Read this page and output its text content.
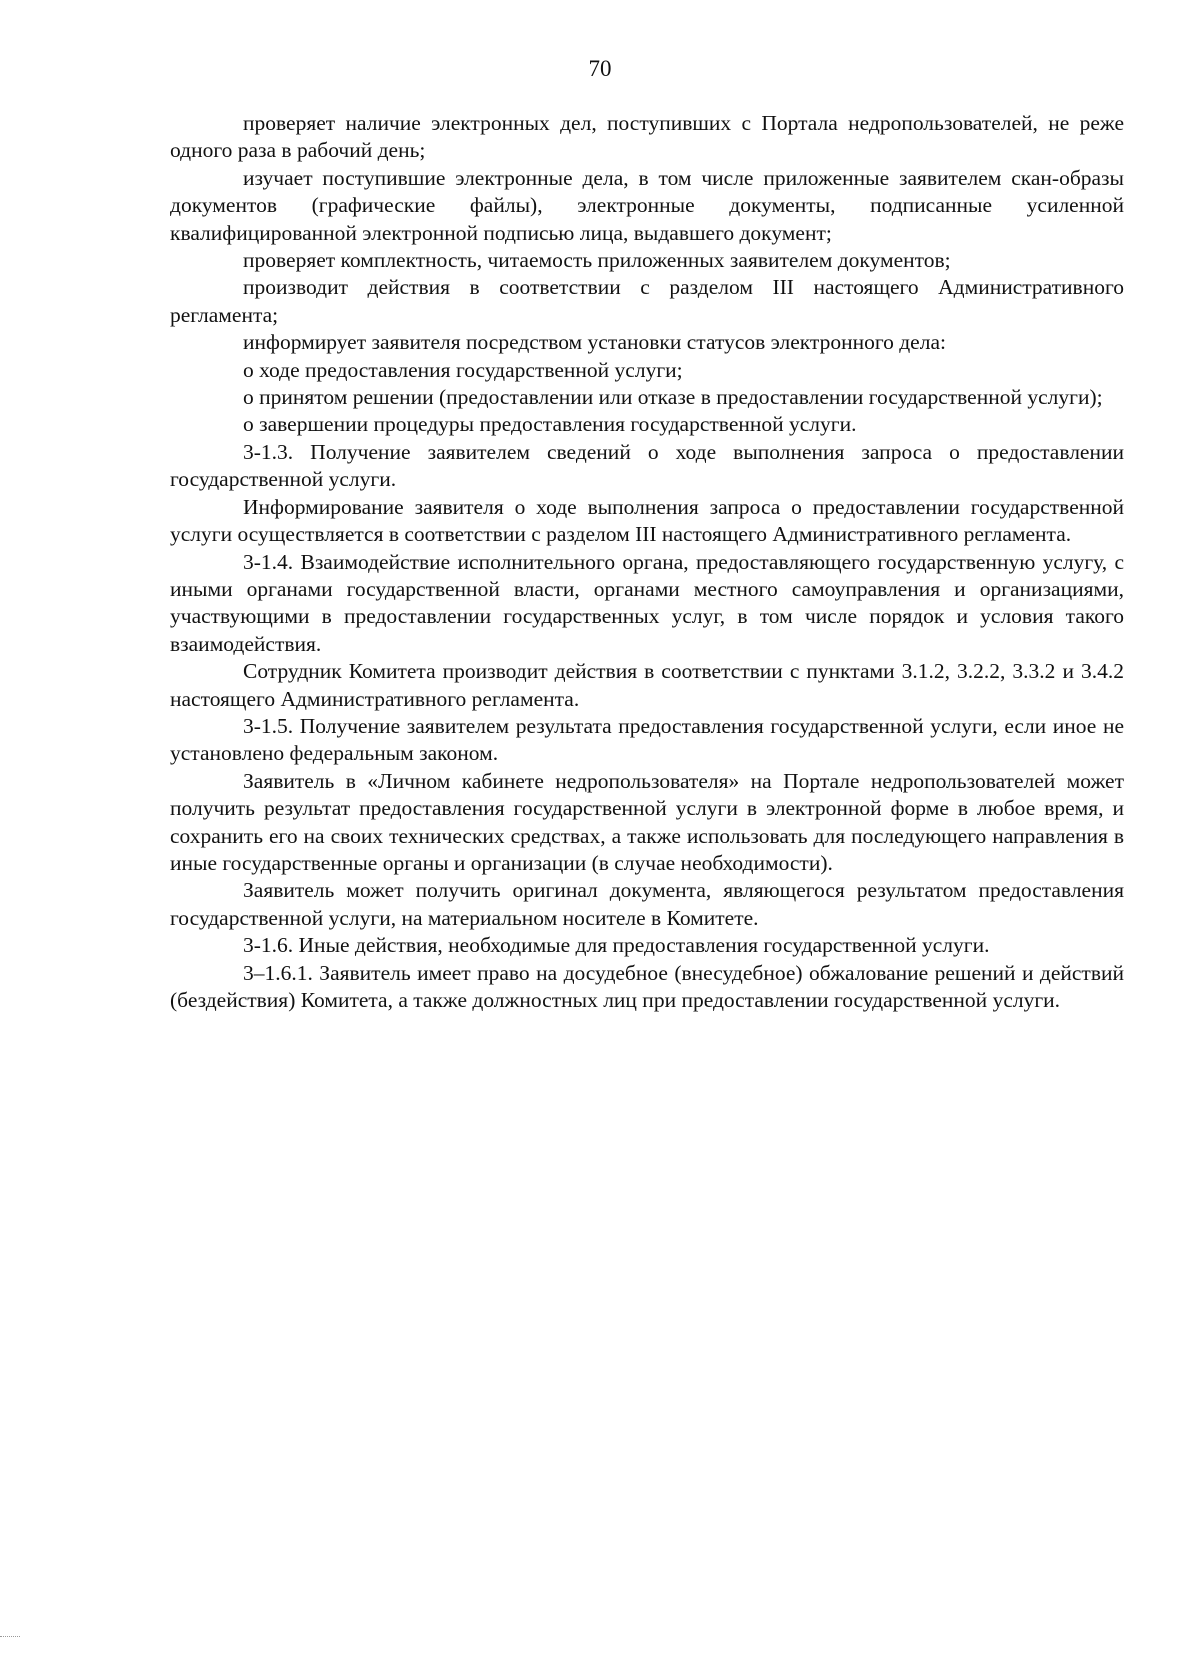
70

проверяет наличие электронных дел, поступивших с Портала недропользователей, не реже одного раза в рабочий день;

изучает поступившие электронные дела, в том числе приложенные заявителем скан-образы документов (графические файлы), электронные документы, подписанные усиленной квалифицированной электронной подписью лица, выдавшего документ;

проверяет комплектность, читаемость приложенных заявителем документов;

производит действия в соответствии с разделом III настоящего Административного регламента;

информирует заявителя посредством установки статусов электронного дела:

о ходе предоставления государственной услуги;

о принятом решении (предоставлении или отказе в предоставлении государственной услуги);

о завершении процедуры предоставления государственной услуги.

3-1.3. Получение заявителем сведений о ходе выполнения запроса о предоставлении государственной услуги.

Информирование заявителя о ходе выполнения запроса о предоставлении государственной услуги осуществляется в соответствии с разделом III настоящего Административного регламента.

3-1.4. Взаимодействие исполнительного органа, предоставляющего государственную услугу, с иными органами государственной власти, органами местного самоуправления и организациями, участвующими в предоставлении государственных услуг, в том числе порядок и условия такого взаимодействия.

Сотрудник Комитета производит действия в соответствии с пунктами 3.1.2, 3.2.2, 3.3.2 и 3.4.2 настоящего Административного регламента.

3-1.5. Получение заявителем результата предоставления государственной услуги, если иное не установлено федеральным законом.

Заявитель в «Личном кабинете недропользователя» на Портале недропользователей может получить результат предоставления государственной услуги в электронной форме в любое время, и сохранить его на своих технических средствах, а также использовать для последующего направления в иные государственные органы и организации (в случае необходимости).

Заявитель может получить оригинал документа, являющегося результатом предоставления государственной услуги, на материальном носителе в Комитете.

3-1.6. Иные действия, необходимые для предоставления государственной услуги.

3–1.6.1. Заявитель имеет право на досудебное (внесудебное) обжалование решений и действий (бездействия) Комитета, а также должностных лиц при предоставлении государственной услуги.
